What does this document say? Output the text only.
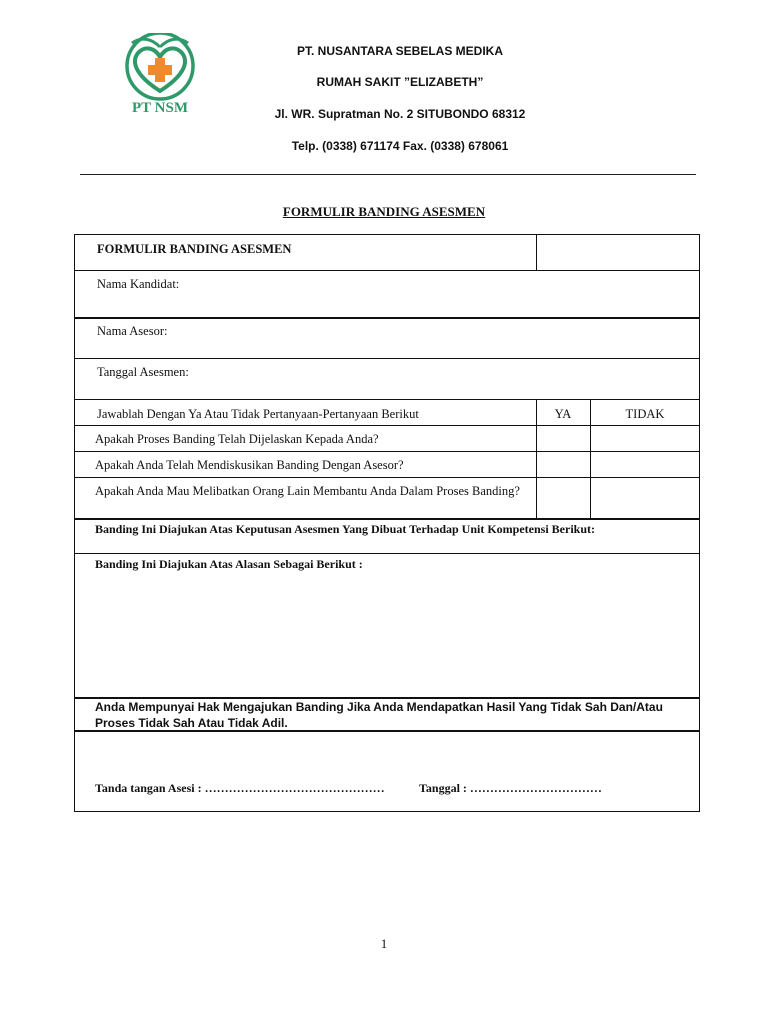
PT NSM
PT. NUSANTARA SEBELAS MEDIKA
RUMAH SAKIT ”ELIZABETH”
Jl. WR. Supratman No. 2 SITUBONDO 68312
Telp. (0338) 671174 Fax. (0338) 678061
FORMULIR BANDING ASESMEN
FORMULIR BANDING ASESMEN
Nama Kandidat:
Nama Asesor:
Tanggal Asesmen:
Jawablah Dengan Ya Atau Tidak Pertanyaan-Pertanyaan Berikut	YA	TIDAK
Apakah Proses Banding Telah Dijelaskan Kepada Anda?
Apakah Anda Telah Mendiskusikan Banding Dengan Asesor?
Apakah Anda Mau Melibatkan Orang Lain Membantu Anda Dalam Proses Banding?
Banding Ini Diajukan Atas Keputusan Asesmen Yang Dibuat Terhadap Unit Kompetensi Berikut:
Banding Ini Diajukan Atas Alasan Sebagai Berikut :
Anda Mempunyai Hak Mengajukan Banding Jika Anda Mendapatkan Hasil Yang Tidak Sah Dan/Atau Proses Tidak Sah Atau Tidak Adil.
Tanda tangan Asesi : ………………………………………	Tanggal : ……………………………
1
